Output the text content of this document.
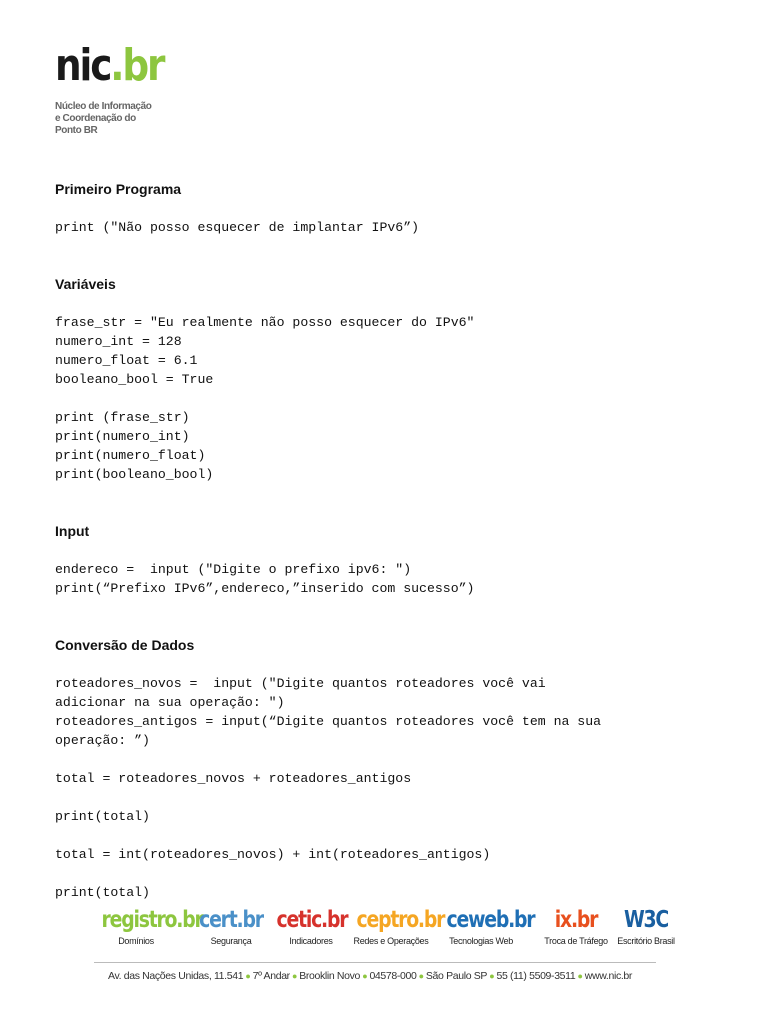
nic.br
Núcleo de Informação
e Coordenação do
Ponto BR
Primeiro Programa
print ("Não posso esquecer de implantar IPv6”)
Variáveis
frase_str = "Eu realmente não posso esquecer do IPv6"
numero_int = 128
numero_float = 6.1
booleano_bool = True
print (frase_str)
print(numero_int)
print(numero_float)
print(booleano_bool)
Input
endereco =  input ("Digite o prefixo ipv6: ")
print(“Prefixo IPv6”,endereco,”inserido com sucesso”)
Conversão de Dados
roteadores_novos =  input ("Digite quantos roteadores você vai
adicionar na sua operação: ")
roteadores_antigos = input(“Digite quantos roteadores você tem na sua
operação: ”)
total = roteadores_novos + roteadores_antigos
print(total)
total = int(roteadores_novos) + int(roteadores_antigos)
print(total)
registro.br
Domínios
cert.br
Segurança
cetic.br
Indicadores
ceptro.br
Redes e Operações
ceweb.br
Tecnologias Web
ix.br
Troca de Tráfego
W3C
Escritório Brasil
Av. das Nações Unidas, 11.541 ● 7º Andar ● Brooklin Novo ● 04578-000 ● São Paulo SP ● 55 (11) 5509-3511 ● www.nic.br
